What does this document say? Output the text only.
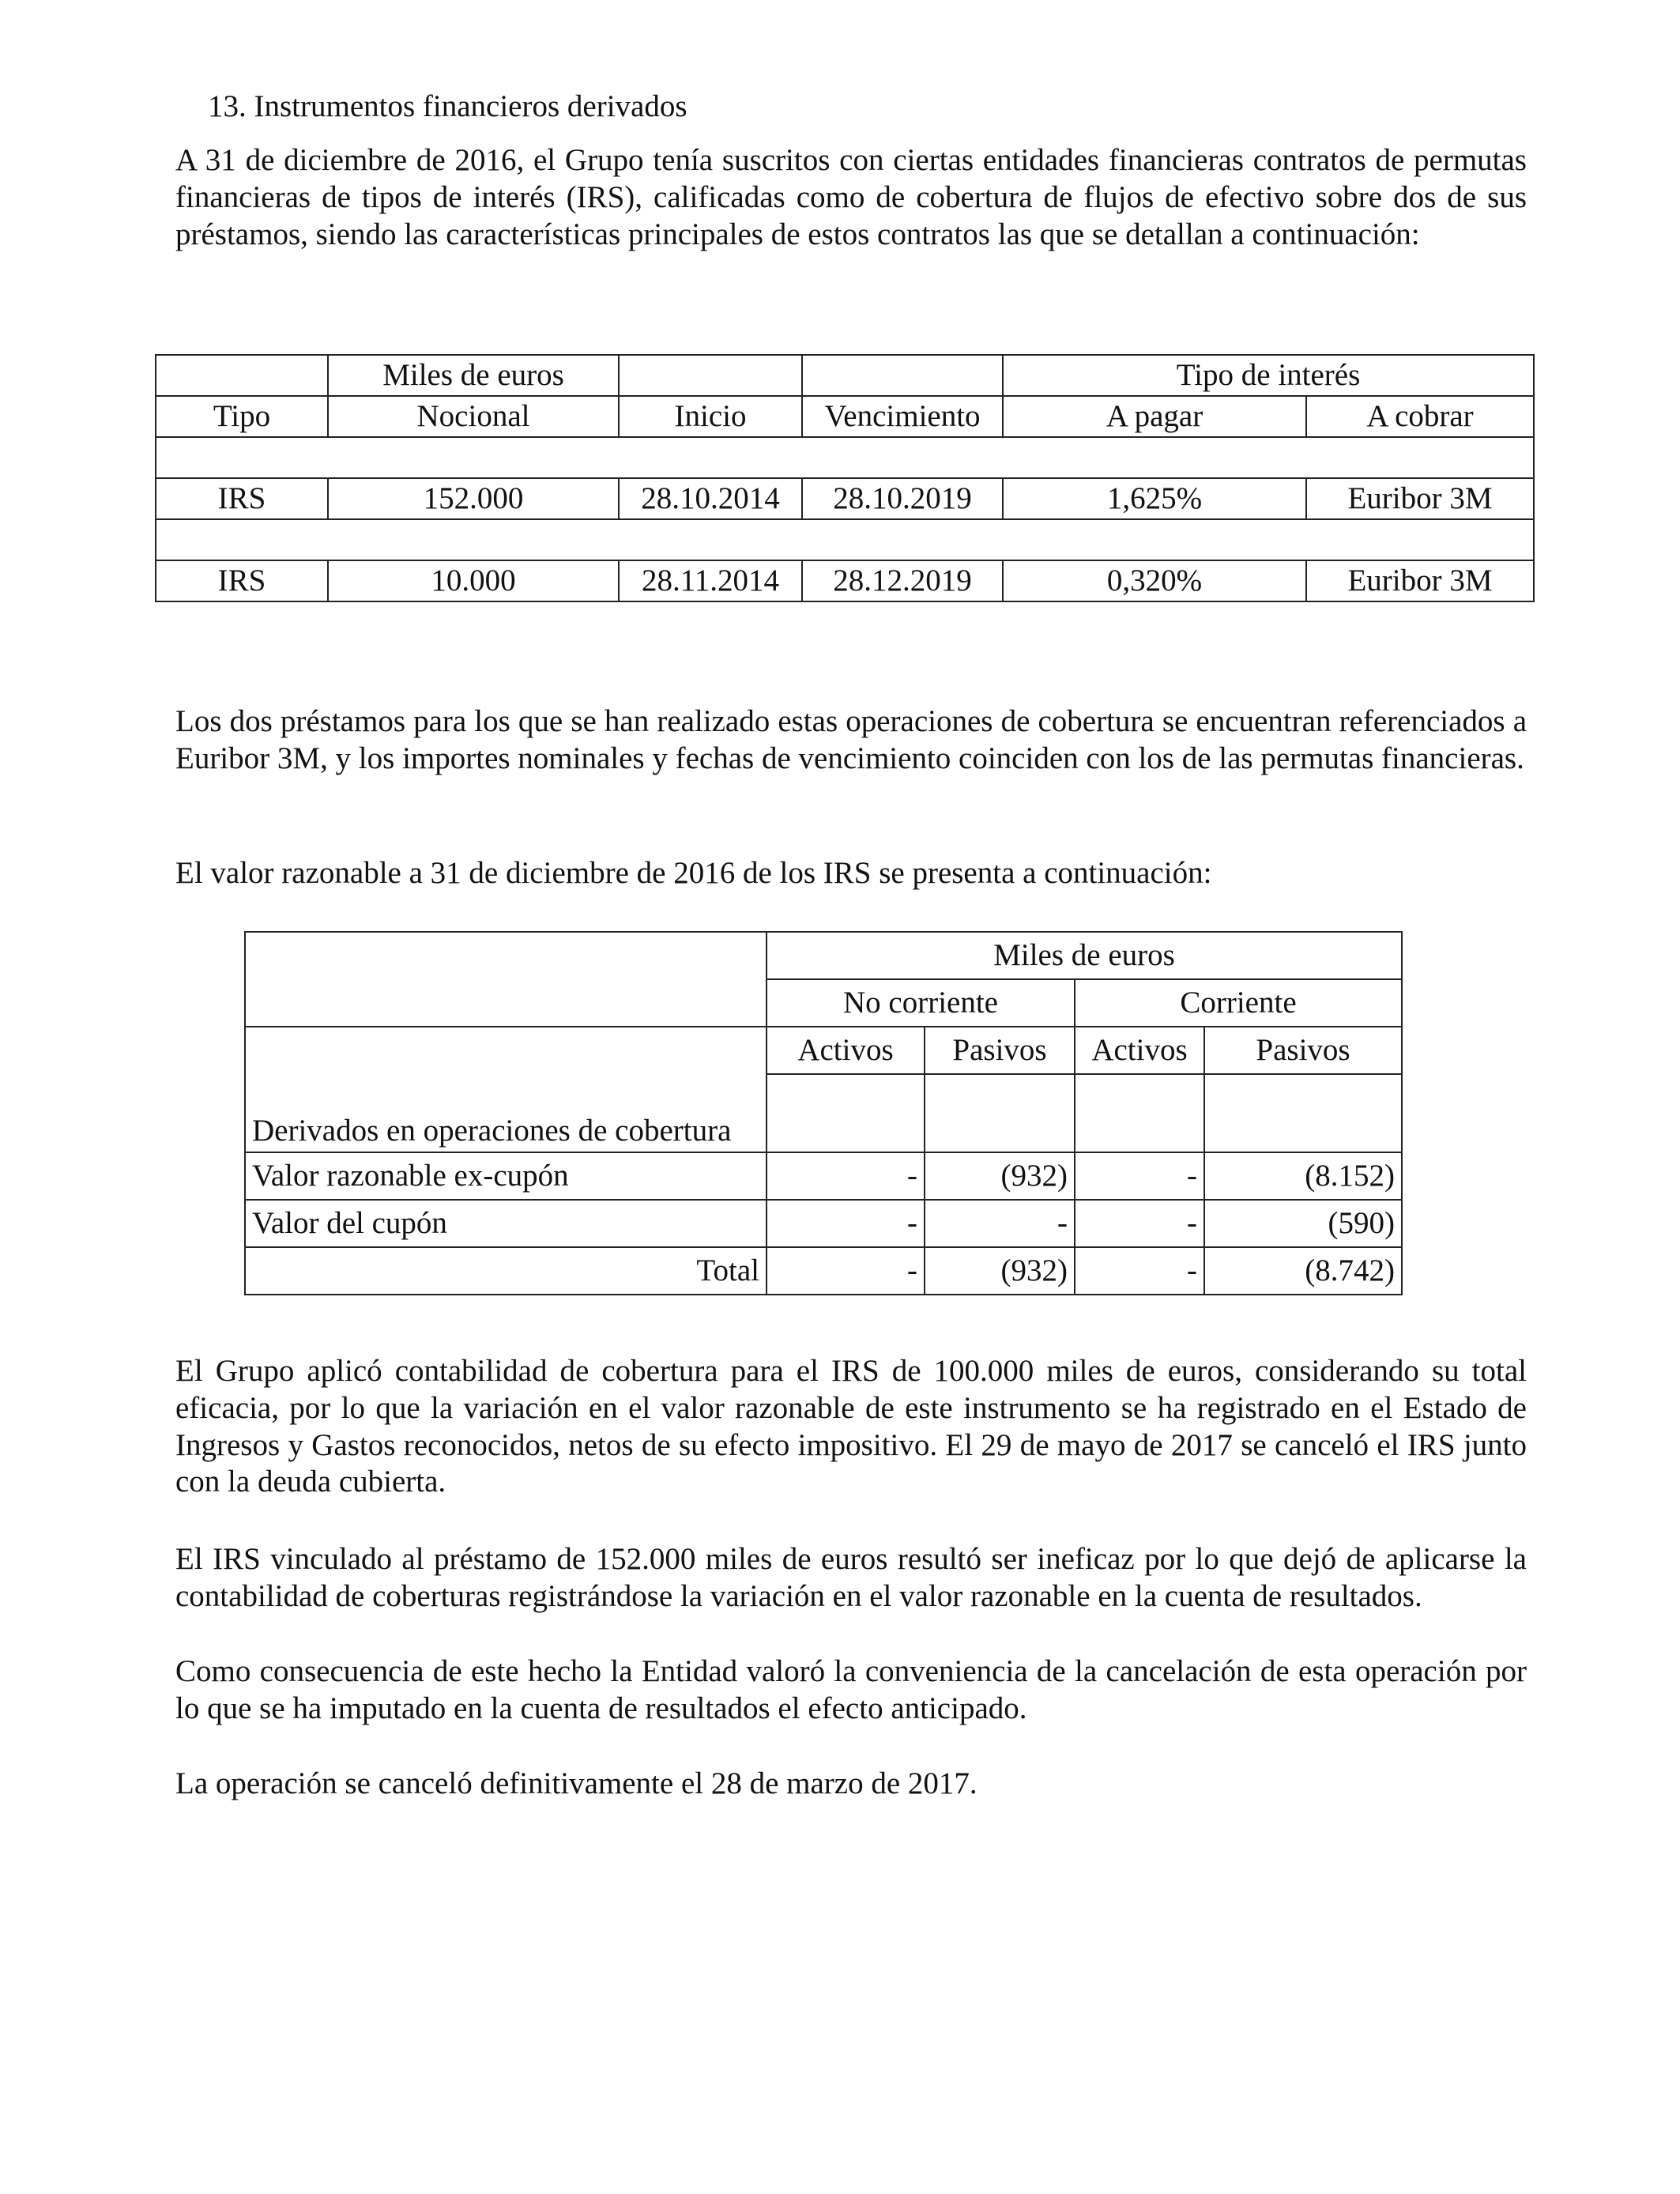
13. Instrumentos financieros derivados

A 31 de diciembre de 2016, el Grupo tenía suscritos con ciertas entidades financieras contratos de permutas financieras de tipos de interés (IRS), calificadas como de cobertura de flujos de efectivo sobre dos de sus préstamos, siendo las características principales de estos contratos las que se detallan a continuación:

	Miles de euros			Tipo de interés	
Tipo	Nocional	Inicio	Vencimiento	A pagar	A cobrar

IRS	152.000	28.10.2014	28.10.2019	1,625%	Euribor 3M

IRS	10.000	28.11.2014	28.12.2019	0,320%	Euribor 3M

Los dos préstamos para los que se han realizado estas operaciones de cobertura se encuentran referenciados a Euribor 3M, y los importes nominales y fechas de vencimiento coinciden con los de las permutas financieras.

El valor razonable a 31 de diciembre de 2016 de los IRS se presenta a continuación:

	Miles de euros			
	No corriente		Corriente	
	Activos	Pasivos	Activos	Pasivos
Derivados en operaciones de cobertura				
Valor razonable ex-cupón	-	(932)	-	(8.152)
Valor del cupón	-	-	-	(590)
Total	-	(932)	-	(8.742)

El Grupo aplicó contabilidad de cobertura para el IRS de 100.000 miles de euros, considerando su total eficacia, por lo que la variación en el valor razonable de este instrumento se ha registrado en el Estado de Ingresos y Gastos reconocidos, netos de su efecto impositivo. El 29 de mayo de 2017 se canceló el IRS junto con la deuda cubierta.

El IRS vinculado al préstamo de 152.000 miles de euros resultó ser ineficaz por lo que dejó de aplicarse la contabilidad de coberturas registrándose la variación en el valor razonable en la cuenta de resultados.

Como consecuencia de este hecho la Entidad valoró la conveniencia de la cancelación de esta operación por lo que se ha imputado en la cuenta de resultados el efecto anticipado.

La operación se canceló definitivamente el 28 de marzo de 2017.
